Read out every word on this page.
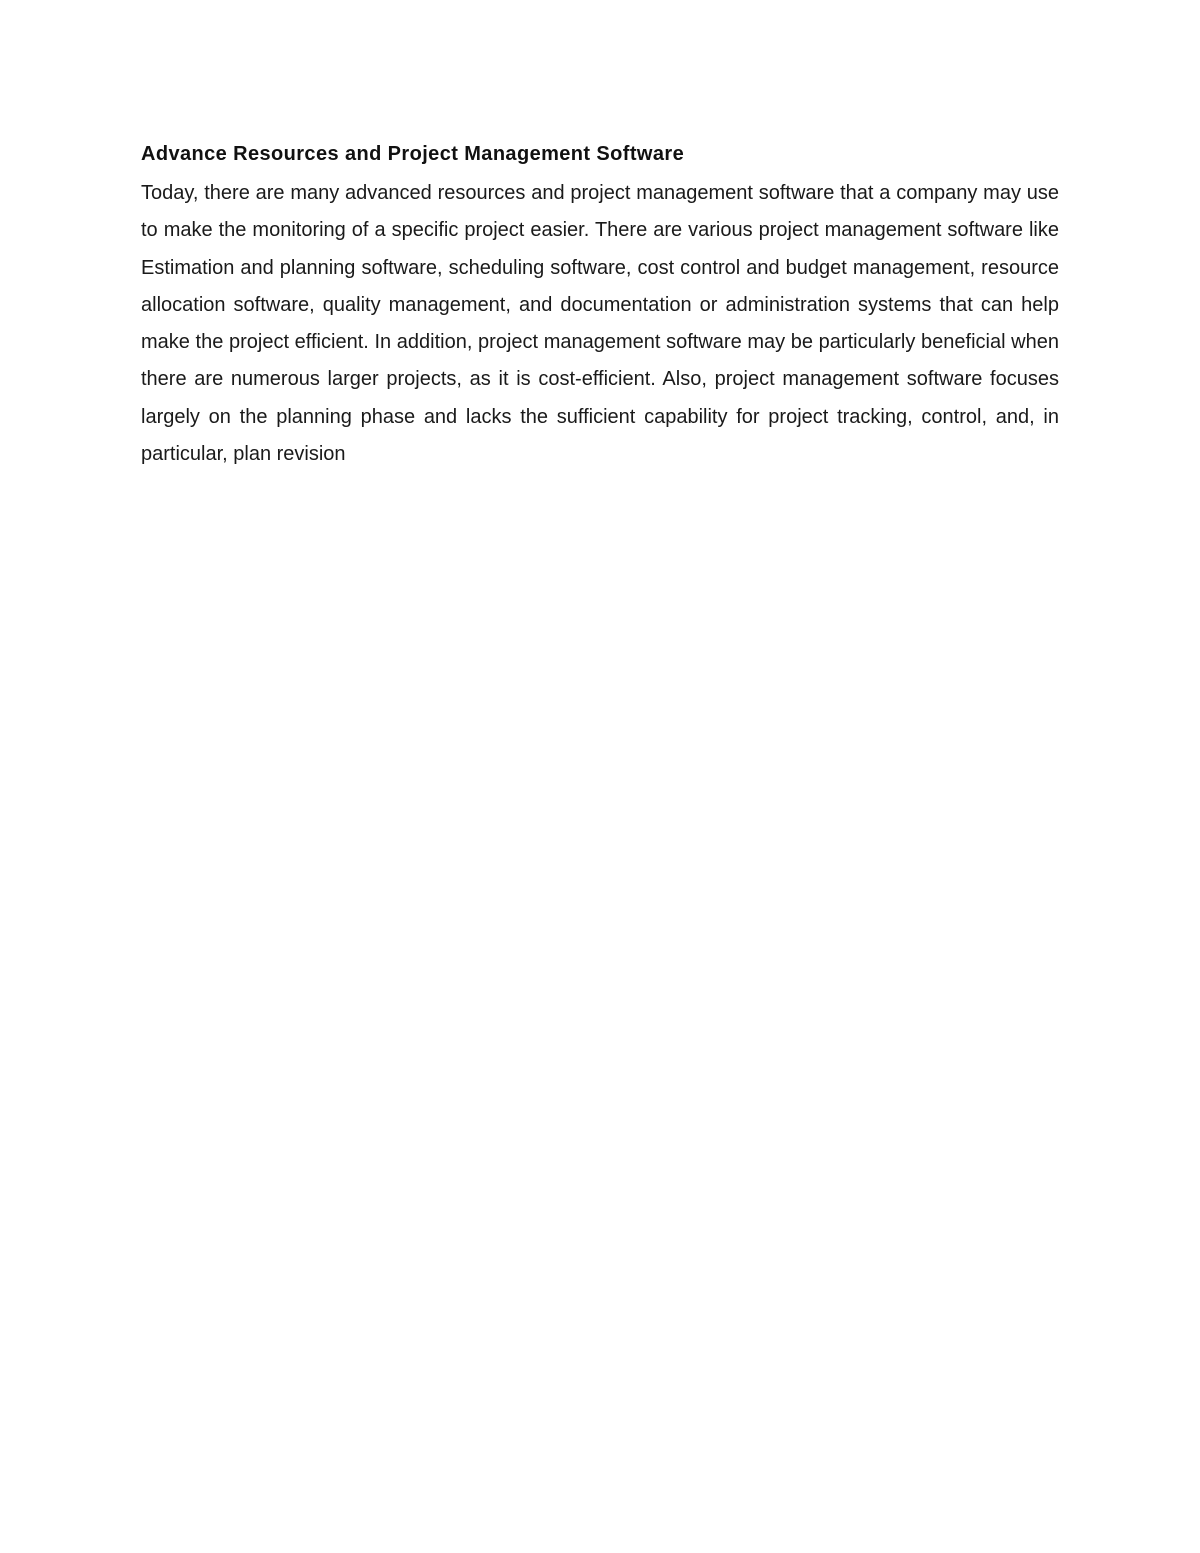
Advance Resources and Project Management Software

Today, there are many advanced resources and project management software that a company may use to make the monitoring of a specific project easier. There are various project management software like Estimation and planning software, scheduling software, cost control and budget management, resource allocation software, quality management, and documentation or administration systems that can help make the project efficient. In addition, project management software may be particularly beneficial when there are numerous larger projects, as it is cost-efficient. Also, project management software focuses largely on the planning phase and lacks the sufficient capability for project tracking, control, and, in particular, plan revision
